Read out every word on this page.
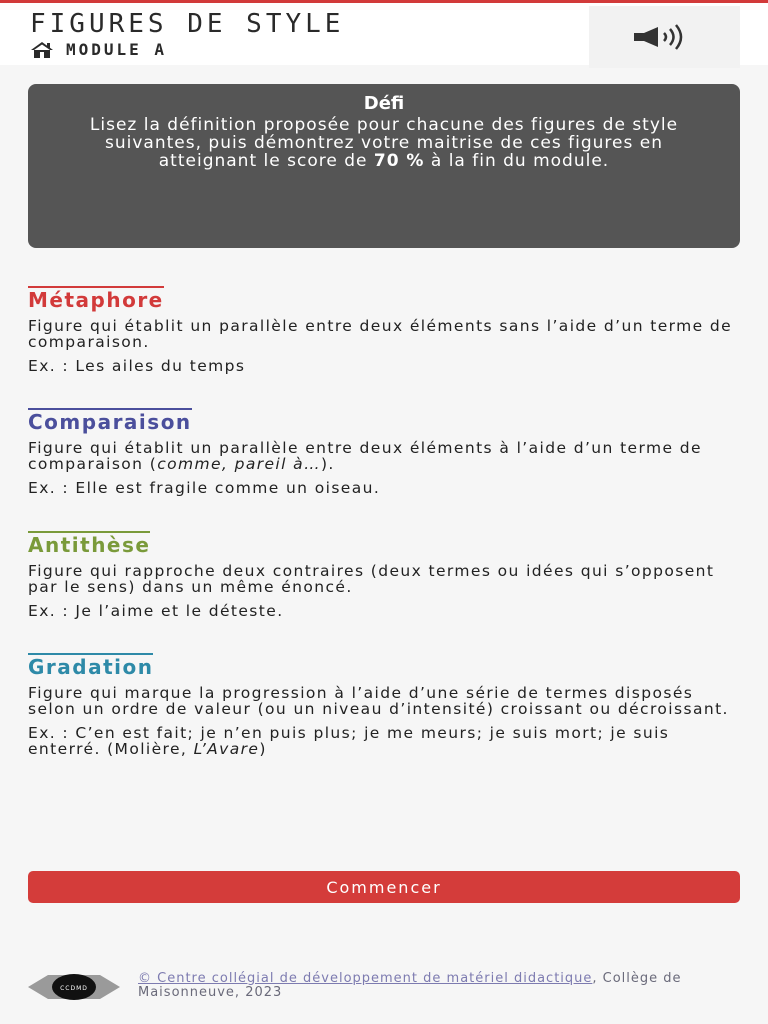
FIGURES DE STYLE
MODULE A
Défi
Lisez la définition proposée pour chacune des figures de style suivantes, puis démontrez votre maitrise de ces figures en atteignant le score de 70 % à la fin du module.
Métaphore
Figure qui établit un parallèle entre deux éléments sans l’aide d’un terme de comparaison.
Ex. : Les ailes du temps
Comparaison
Figure qui établit un parallèle entre deux éléments à l’aide d’un terme de comparaison (comme, pareil à…).
Ex. : Elle est fragile comme un oiseau.
Antithèse
Figure qui rapproche deux contraires (deux termes ou idées qui s’opposent par le sens) dans un même énoncé.
Ex. : Je l’aime et le déteste.
Gradation
Figure qui marque la progression à l’aide d’une série de termes disposés selon un ordre de valeur (ou un niveau d’intensité) croissant ou décroissant.
Ex. : C’en est fait; je n’en puis plus; je me meurs; je suis mort; je suis enterré. (Molière, L’Avare)
Commencer
CCDMD
© Centre collégial de développement de matériel didactique, Collège de Maisonneuve, 2023
